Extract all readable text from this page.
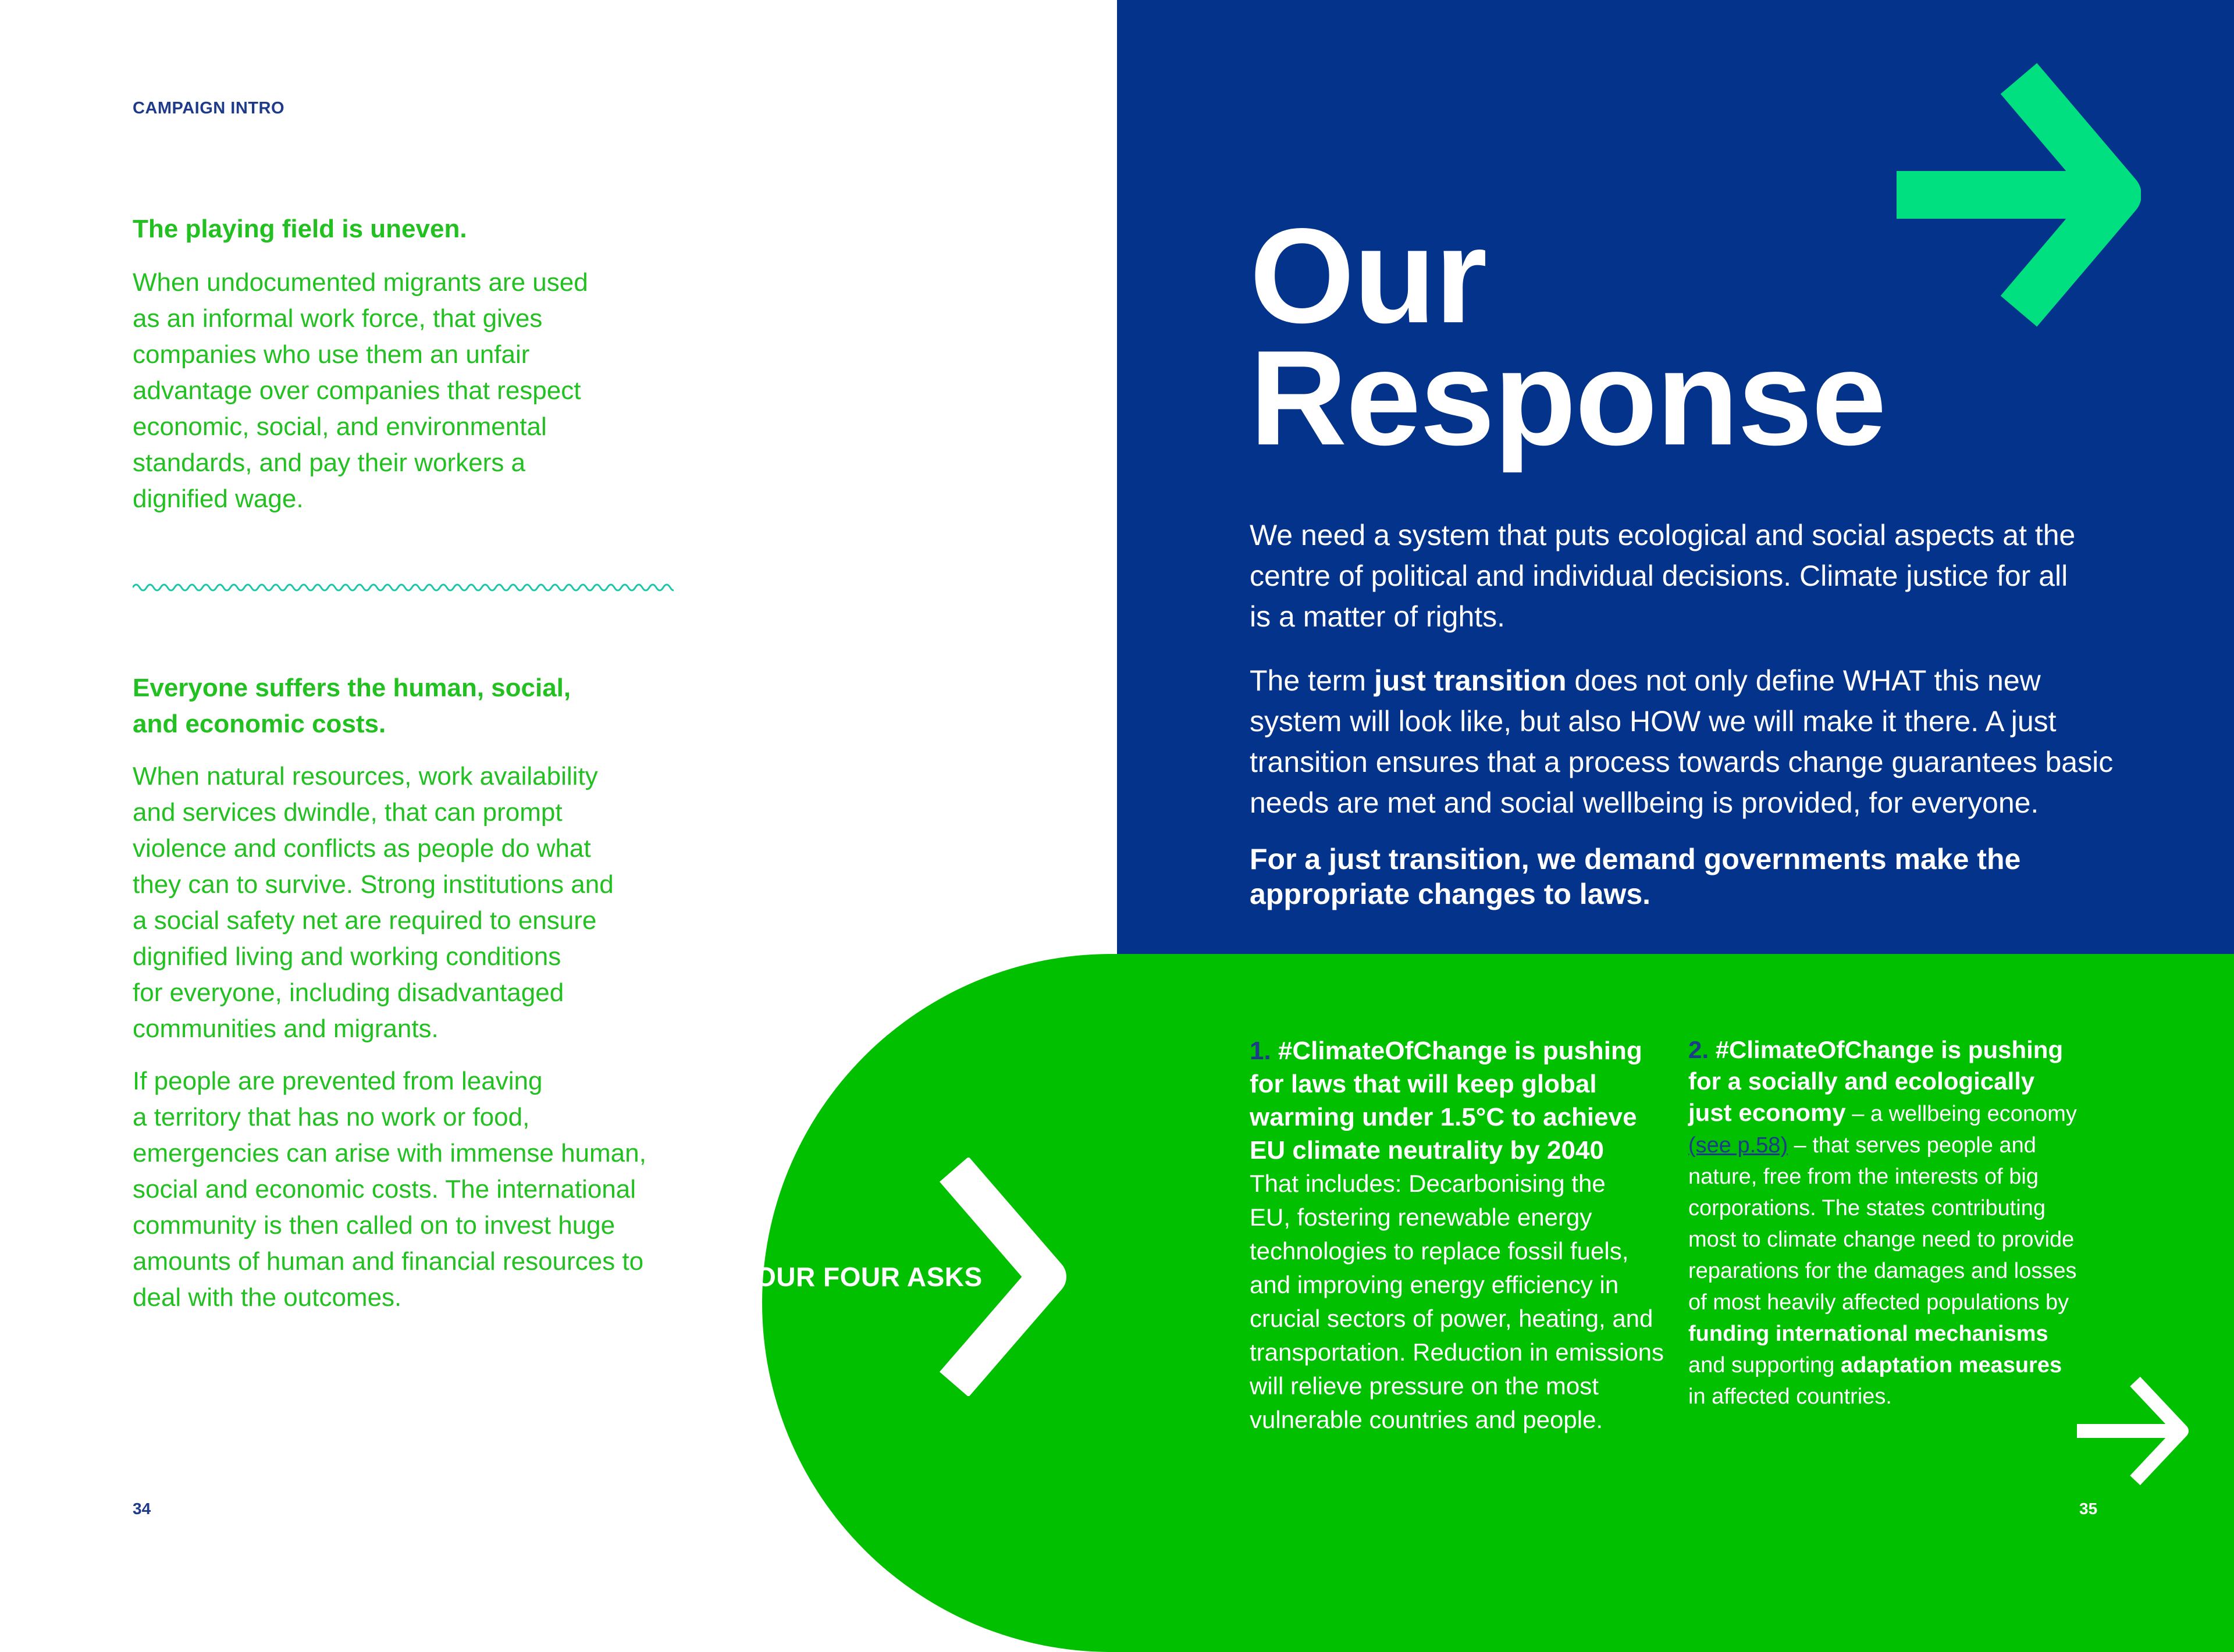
CAMPAIGN INTRO
The playing field is uneven.
When undocumented migrants are used
as an informal work force, that gives
companies who use them an unfair
advantage over companies that respect
economic, social, and environmental
standards, and pay their workers a
dignified wage.
Everyone suffers the human, social,
and economic costs.
When natural resources, work availability
and services dwindle, that can prompt
violence and conflicts as people do what
they can to survive. Strong institutions and
a social safety net are required to ensure
dignified living and working conditions
for everyone, including disadvantaged
communities and migrants.
If people are prevented from leaving
a territory that has no work or food,
emergencies can arise with immense human,
social and economic costs. The international
community is then called on to invest huge
amounts of human and financial resources to
deal with the outcomes.
34
Our
Response
We need a system that puts ecological and social aspects at the
centre of political and individual decisions. Climate justice for all
is a matter of rights.
The term just transition does not only define WHAT this new
system will look like, but also HOW we will make it there. A just
transition ensures that a process towards change guarantees basic
needs are met and social wellbeing is provided, for everyone.
For a just transition, we demand governments make the
appropriate changes to laws.
OUR FOUR ASKS
1. #ClimateOfChange is pushing
for laws that will keep global
warming under 1.5°C to achieve
EU climate neutrality by 2040
That includes: Decarbonising the
EU, fostering renewable energy
technologies to replace fossil fuels,
and improving energy efficiency in
crucial sectors of power, heating, and
transportation. Reduction in emissions
will relieve pressure on the most
vulnerable countries and people.
2. #ClimateOfChange is pushing
for a socially and ecologically
just economy – a wellbeing economy
(see p.58) – that serves people and
nature, free from the interests of big
corporations. The states contributing
most to climate change need to provide
reparations for the damages and losses
of most heavily affected populations by
funding international mechanisms
and supporting adaptation measures
in affected countries.
35
